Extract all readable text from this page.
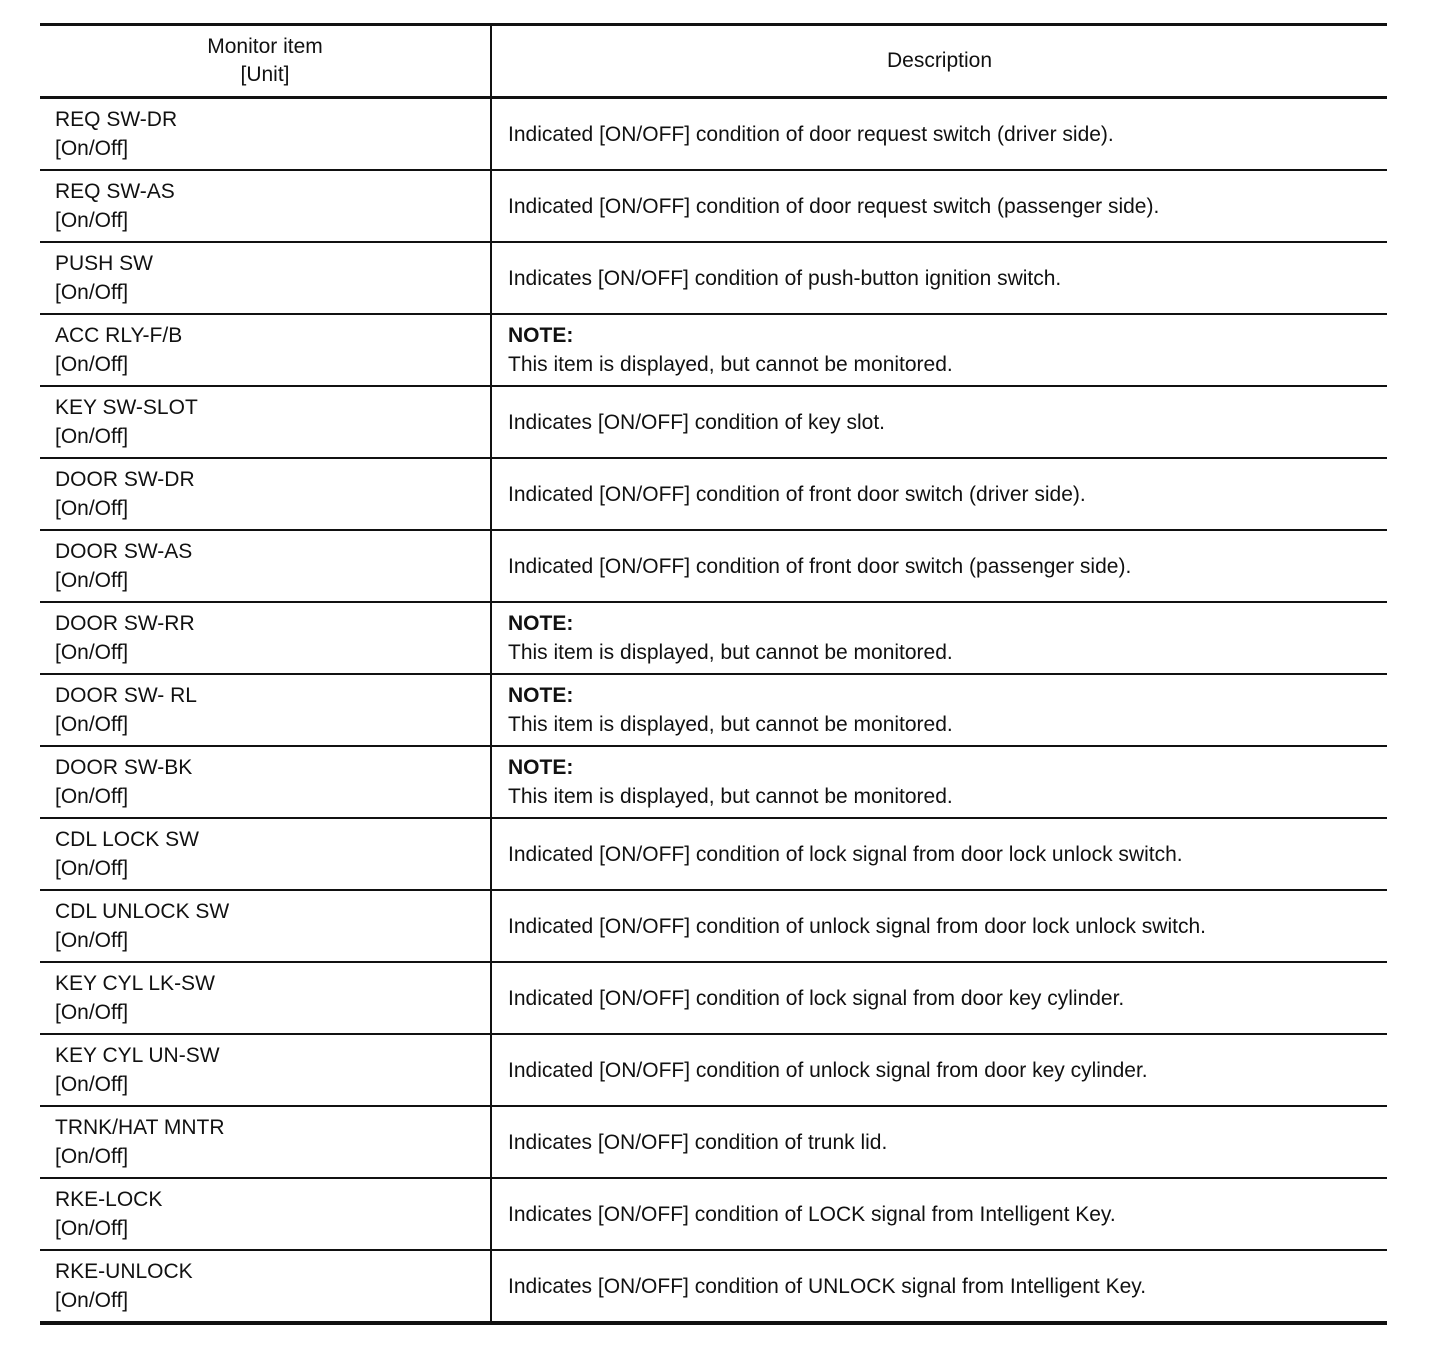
Monitor item
[Unit]	Description

REQ SW-DR
[On/Off]	Indicated [ON/OFF] condition of door request switch (driver side).

REQ SW-AS
[On/Off]	Indicated [ON/OFF] condition of door request switch (passenger side).

PUSH SW
[On/Off]	Indicates [ON/OFF] condition of push-button ignition switch.

ACC RLY-F/B
[On/Off]	NOTE:
This item is displayed, but cannot be monitored.

KEY SW-SLOT
[On/Off]	Indicates [ON/OFF] condition of key slot.

DOOR SW-DR
[On/Off]	Indicated [ON/OFF] condition of front door switch (driver side).

DOOR SW-AS
[On/Off]	Indicated [ON/OFF] condition of front door switch (passenger side).

DOOR SW-RR
[On/Off]	NOTE:
This item is displayed, but cannot be monitored.

DOOR SW- RL
[On/Off]	NOTE:
This item is displayed, but cannot be monitored.

DOOR SW-BK
[On/Off]	NOTE:
This item is displayed, but cannot be monitored.

CDL LOCK SW
[On/Off]	Indicated [ON/OFF] condition of lock signal from door lock unlock switch.

CDL UNLOCK SW
[On/Off]	Indicated [ON/OFF] condition of unlock signal from door lock unlock switch.

KEY CYL LK-SW
[On/Off]	Indicated [ON/OFF] condition of lock signal from door key cylinder.

KEY CYL UN-SW
[On/Off]	Indicated [ON/OFF] condition of unlock signal from door key cylinder.

TRNK/HAT MNTR
[On/Off]	Indicates [ON/OFF] condition of trunk lid.

RKE-LOCK
[On/Off]	Indicates [ON/OFF] condition of LOCK signal from Intelligent Key.

RKE-UNLOCK
[On/Off]	Indicates [ON/OFF] condition of UNLOCK signal from Intelligent Key.
